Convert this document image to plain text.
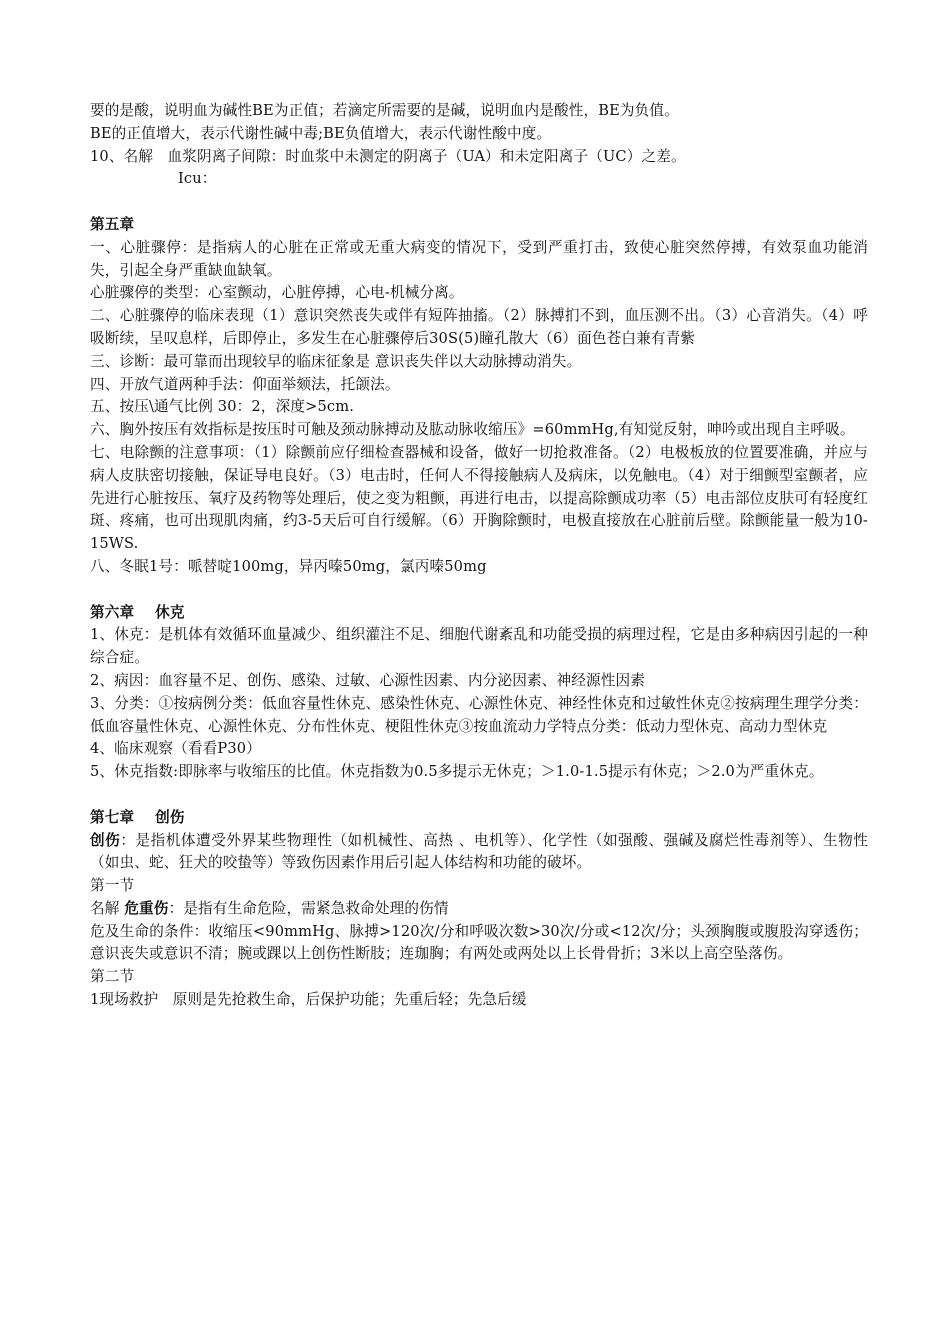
要的是酸，说明血为碱性BE为正值；若滴定所需要的是碱，说明血内是酸性，BE为负值。
BE的正值增大，表示代谢性碱中毒;BE负值增大，表示代谢性酸中度。
10、名解   血浆阴离子间隙：时血浆中未测定的阴离子（UA）和未定阳离子（UC）之差。
Icu：
第五章
一、心脏骤停：是指病人的心脏在正常或无重大病变的情况下，受到严重打击，致使心脏突然停搏，有效泵血功能消失，引起全身严重缺血缺氧。
心脏骤停的类型：心室颤动，心脏停搏，心电-机械分离。
二、心脏骤停的临床表现（1）意识突然丧失或伴有短阵抽搐。（2）脉搏扪不到，血压测不出。（3）心音消失。（4）呼吸断续，呈叹息样，后即停止，多发生在心脏骤停后30S(5)瞳孔散大（6）面色苍白兼有青紫
三、诊断：最可靠而出现较早的临床征象是 意识丧失伴以大动脉搏动消失。
四、开放气道两种手法：仰面举颏法，托颌法。
五、按压\通气比例 30：2，深度>5cm.
六、胸外按压有效指标是按压时可触及颈动脉搏动及肱动脉收缩压》=60mmHg,有知觉反射，呻吟或出现自主呼吸。
七、电除颤的注意事项：（1）除颤前应仔细检查器械和设备，做好一切抢救准备。（2）电极板放的位置要准确，并应与病人皮肤密切接触，保证导电良好。（3）电击时，任何人不得接触病人及病床，以免触电。（4）对于细颤型室颤者，应先进行心脏按压、氧疗及药物等处理后，使之变为粗颤，再进行电击，以提高除颤成功率（5）电击部位皮肤可有轻度红斑、疼痛，也可出现肌肉痛，约3-5天后可自行缓解。（6）开胸除颤时，电极直接放在心脏前后壁。除颤能量一般为10-15WS.
八、冬眠1号：哌替啶100mg，异丙嗪50mg，氯丙嗪50mg
第六章    休克
1、休克：是机体有效循环血量减少、组织灌注不足、细胞代谢紊乱和功能受损的病理过程，它是由多种病因引起的一种综合症。
2、病因：血容量不足、创伤、感染、过敏、心源性因素、内分泌因素、神经源性因素
3、分类：①按病例分类：低血容量性休克、感染性休克、心源性休克、神经性休克和过敏性休克②按病理生理学分类：低血容量性休克、心源性休克、分布性休克、梗阻性休克③按血流动力学特点分类：低动力型休克、高动力型休克
4、临床观察（看看P30）
5、休克指数:即脉率与收缩压的比值。休克指数为0.5多提示无休克；＞1.0-1.5提示有休克；＞2.0为严重休克。
第七章    创伤
创伤：是指机体遭受外界某些物理性（如机械性、高热 、电机等）、化学性（如强酸、强碱及腐烂性毒剂等）、生物性（如虫、蛇、狂犬的咬蛰等）等致伤因素作用后引起人体结构和功能的破坏。
第一节
名解 危重伤：是指有生命危险，需紧急救命处理的伤情
危及生命的条件：收缩压<90mmHg、脉搏>120次/分和呼吸次数>30次/分或<12次/分；头颈胸腹或腹股沟穿透伤；意识丧失或意识不清；腕或踝以上创伤性断肢；连珈胸；有两处或两处以上长骨骨折；3米以上高空坠落伤。
第二节
1现场救护   原则是先抢救生命，后保护功能；先重后轻；先急后缓
